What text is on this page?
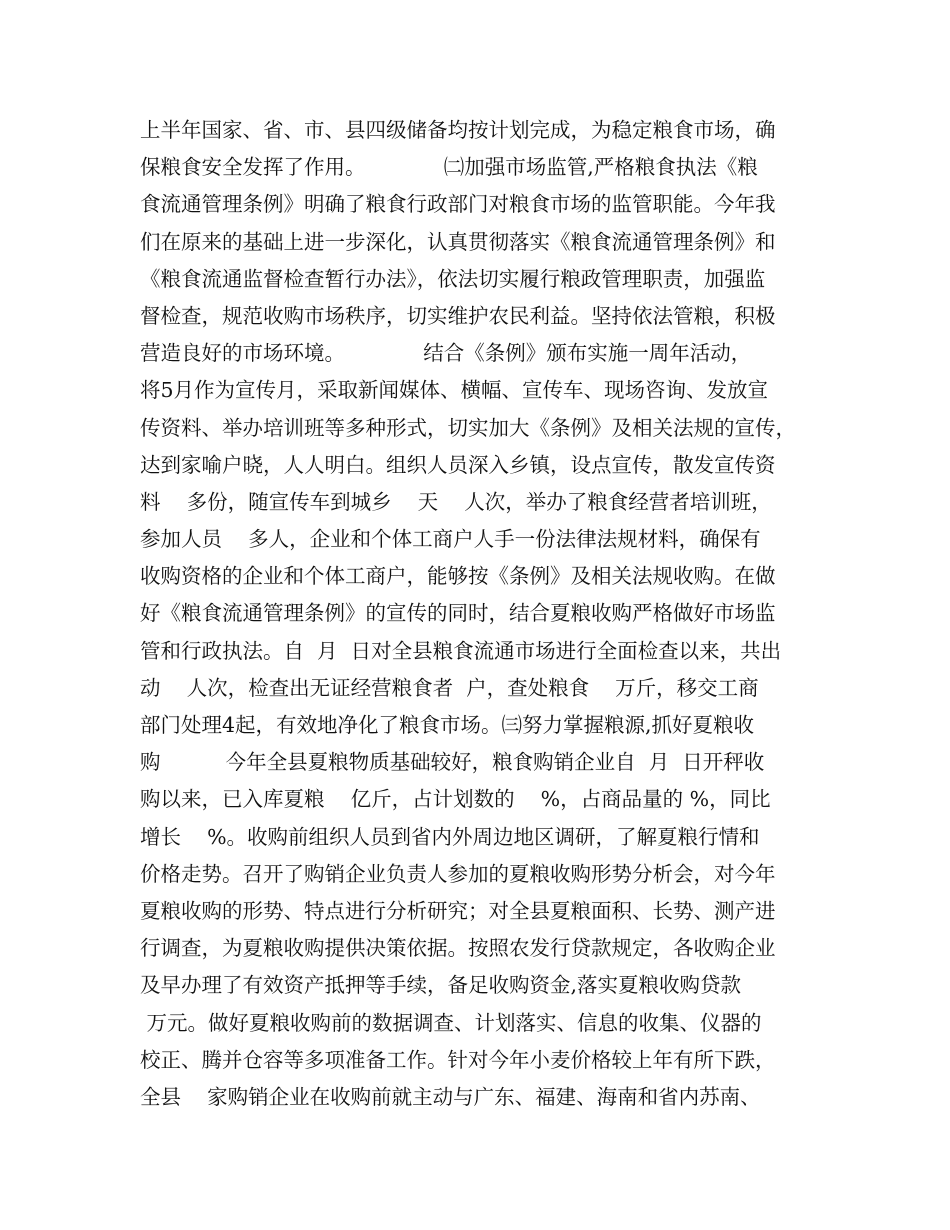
上半年国家、省、市、县四级储备均按计划完成，为稳定粮食市场，确
保粮食安全发挥了作用。            ㈡加强市场监管,严格粮食执法《粮
食流通管理条例》明确了粮食行政部门对粮食市场的监管职能。今年我
们在原来的基础上进一步深化，认真贯彻落实《粮食流通管理条例》和
《粮食流通监督检查暂行办法》，依法切实履行粮政管理职责，加强监
督检查，规范收购市场秩序，切实维护农民利益。坚持依法管粮，积极
营造良好的市场环境。            结合《条例》颁布实施一周年活动，
将5月作为宣传月，采取新闻媒体、横幅、宣传车、现场咨询、发放宣
传资料、举办培训班等多种形式，切实加大《条例》及相关法规的宣传，
达到家喻户晓，人人明白。组织人员深入乡镇，设点宣传，散发宣传资
料    多份，随宣传车到城乡    天    人次，举办了粮食经营者培训班，
参加人员    多人，企业和个体工商户人手一份法律法规材料，确保有
收购资格的企业和个体工商户，能够按《条例》及相关法规收购。在做
好《粮食流通管理条例》的宣传的同时，结合夏粮收购严格做好市场监
管和行政执法。自  月  日对全县粮食流通市场进行全面检查以来，共出
动    人次，检查出无证经营粮食者  户，查处粮食    万斤，移交工商
部门处理4起，有效地净化了粮食市场。㈢努力掌握粮源,抓好夏粮收
购          今年全县夏粮物质基础较好，粮食购销企业自  月  日开秤收
购以来，已入库夏粮    亿斤，占计划数的    %，占商品量的 %，同比
增长    %。收购前组织人员到省内外周边地区调研，了解夏粮行情和
价格走势。召开了购销企业负责人参加的夏粮收购形势分析会，对今年
夏粮收购的形势、特点进行分析研究；对全县夏粮面积、长势、测产进
行调查，为夏粮收购提供决策依据。按照农发行贷款规定，各收购企业
及早办理了有效资产抵押等手续，备足收购资金,落实夏粮收购贷款
万元。做好夏粮收购前的数据调查、计划落实、信息的收集、仪器的
校正、腾并仓容等多项准备工作。针对今年小麦价格较上年有所下跌，
全县    家购销企业在收购前就主动与广东、福建、海南和省内苏南、
